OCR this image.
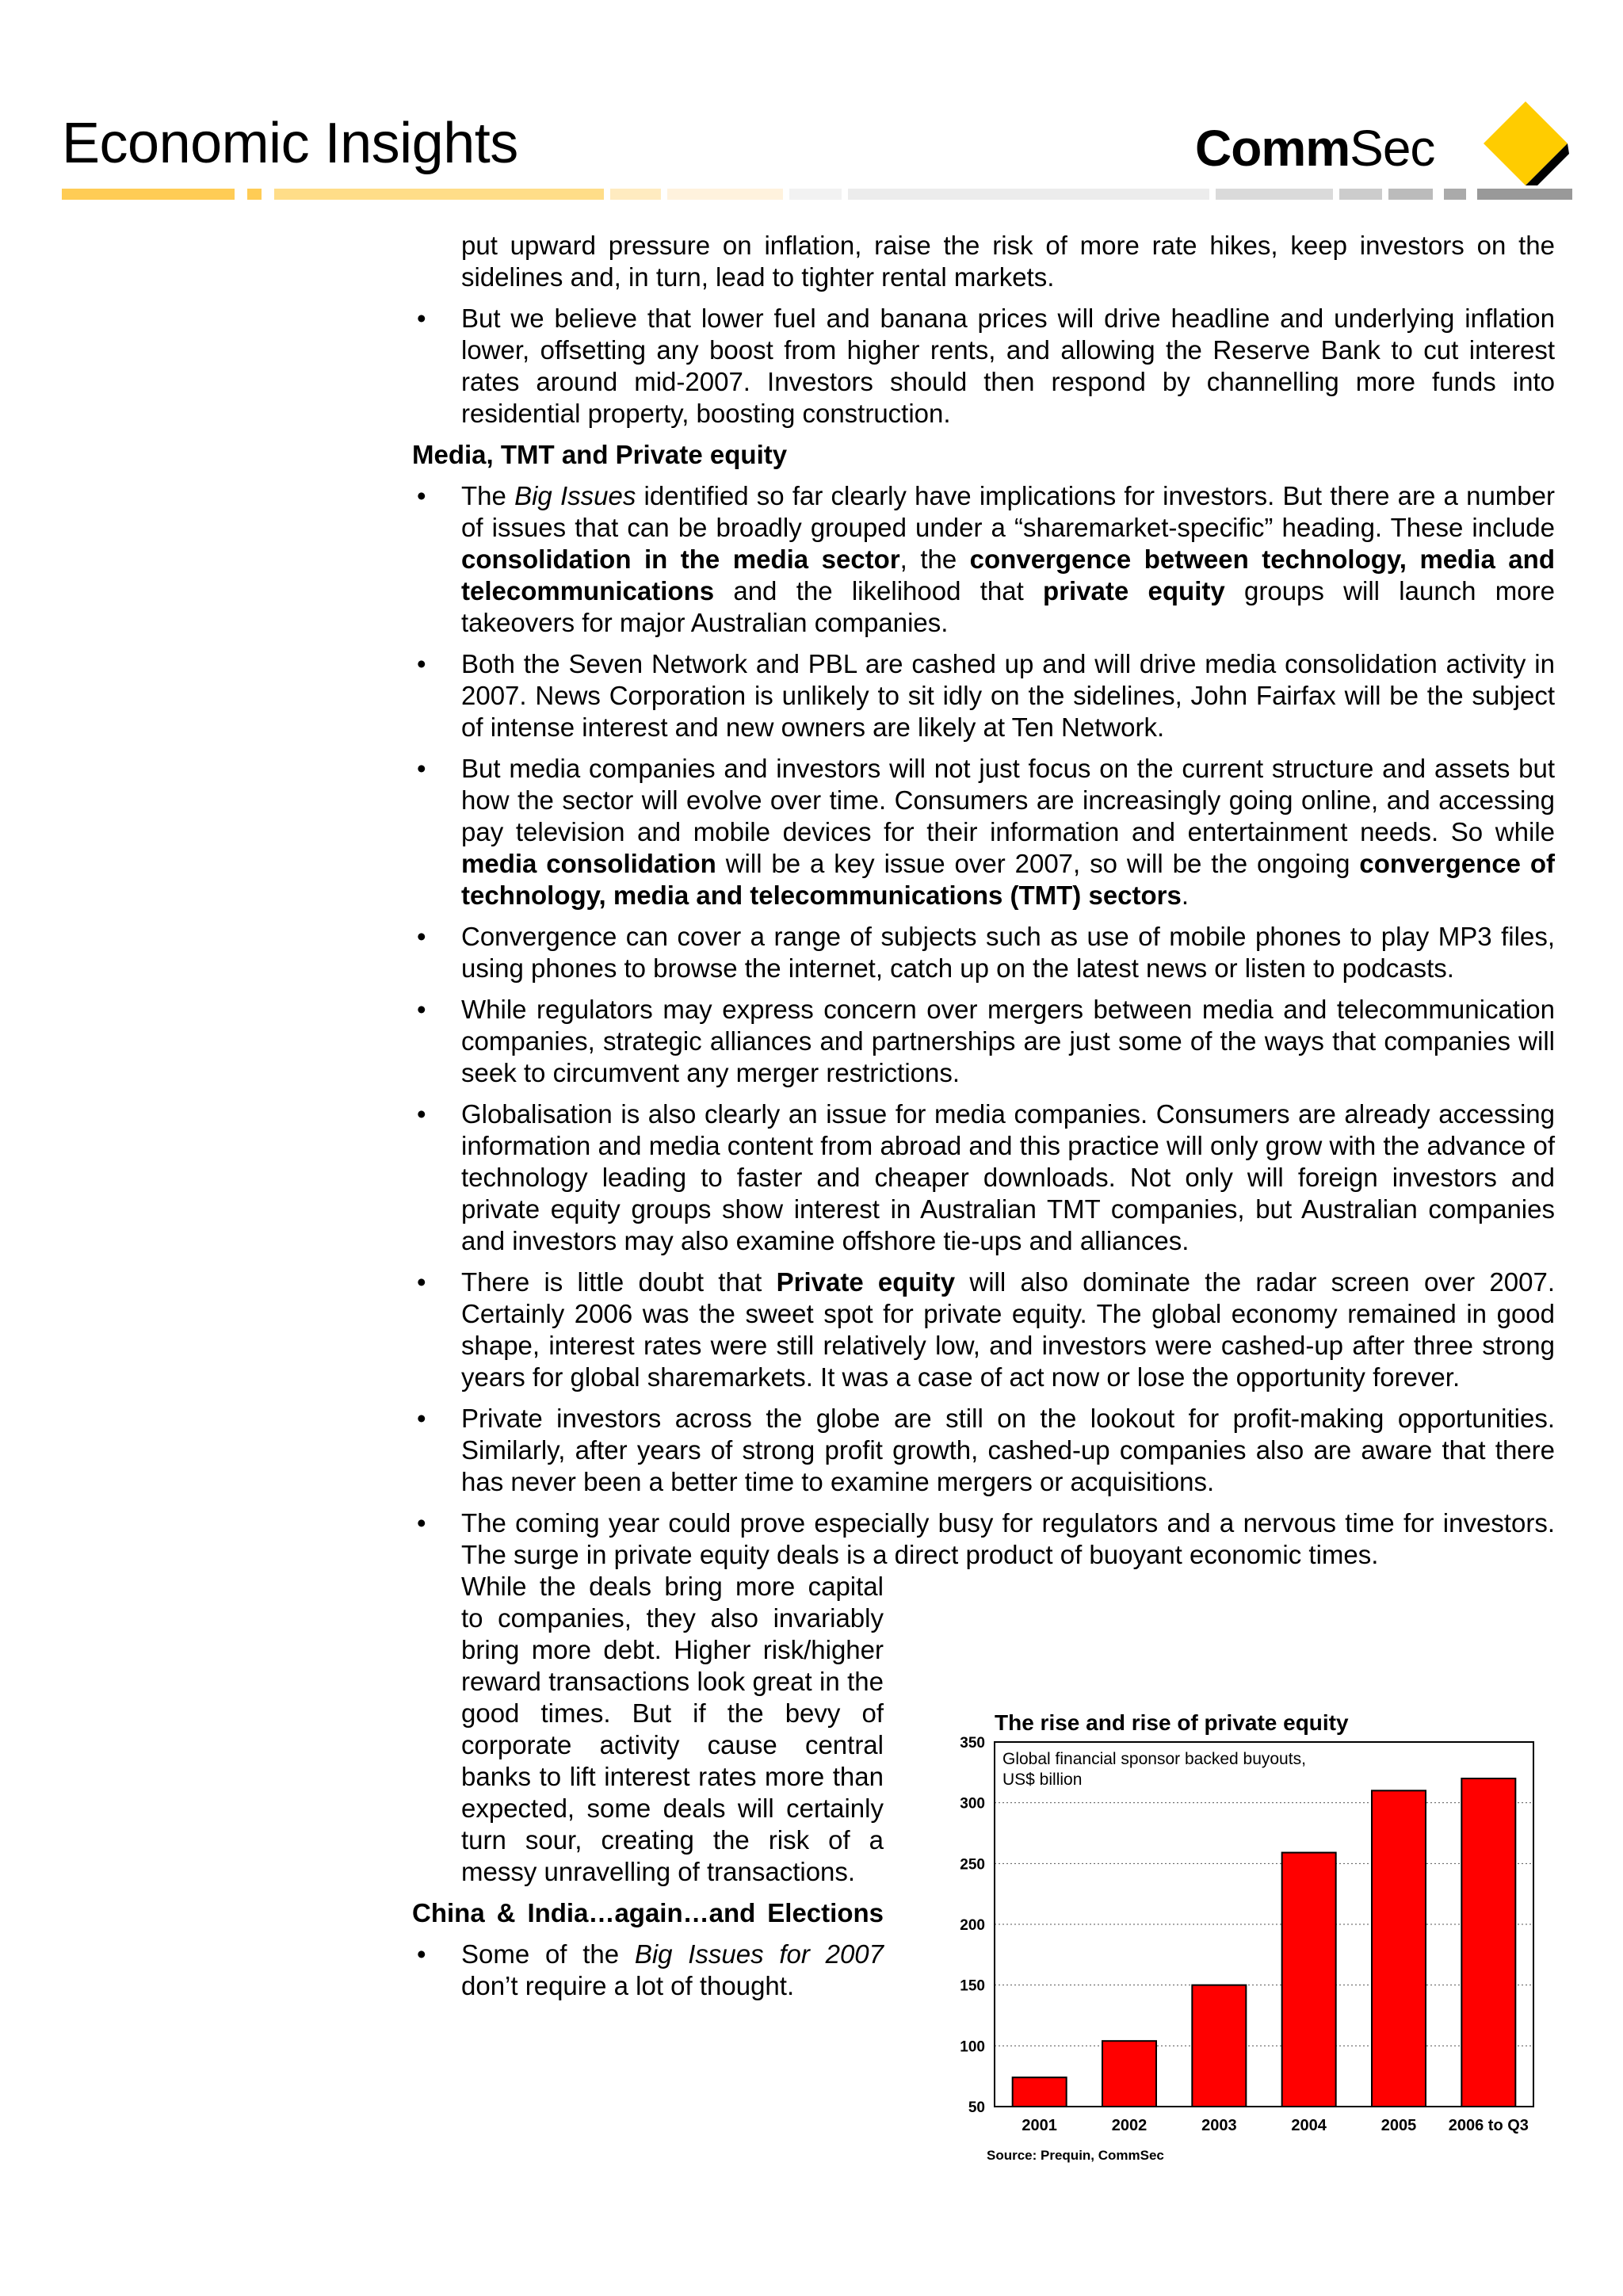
Economic Insights	CommSec

put upward pressure on inflation, raise the risk of more rate hikes, keep investors on the sidelines and, in turn, lead to tighter rental markets.

• But we believe that lower fuel and banana prices will drive headline and underlying inflation lower, offsetting any boost from higher rents, and allowing the Reserve Bank to cut interest rates around mid-2007. Investors should then respond by channelling more funds into residential property, boosting construction.
Media, TMT and Private equity
• The Big Issues identified so far clearly have implications for investors. But there are a number of issues that can be broadly grouped under a “sharemarket-specific” heading. These include consolidation in the media sector, the convergence between technology, media and telecommunications and the likelihood that private equity groups will launch more takeovers for major Australian companies.
• Both the Seven Network and PBL are cashed up and will drive media consolidation activity in 2007. News Corporation is unlikely to sit idly on the sidelines, John Fairfax will be the subject of intense interest and new owners are likely at Ten Network.
• But media companies and investors will not just focus on the current structure and assets but how the sector will evolve over time. Consumers are increasingly going online, and accessing pay television and mobile devices for their information and entertainment needs. So while media consolidation will be a key issue over 2007, so will be the ongoing convergence of technology, media and telecommunications (TMT) sectors.
• Convergence can cover a range of subjects such as use of mobile phones to play MP3 files, using phones to browse the internet, catch up on the latest news or listen to podcasts.
• While regulators may express concern over mergers between media and telecommunication companies, strategic alliances and partnerships are just some of the ways that companies will seek to circumvent any merger restrictions.
• Globalisation is also clearly an issue for media companies. Consumers are already accessing information and media content from abroad and this practice will only grow with the advance of technology leading to faster and cheaper downloads. Not only will foreign investors and private equity groups show interest in Australian TMT companies, but Australian companies and investors may also examine offshore tie-ups and alliances.
• There is little doubt that Private equity will also dominate the radar screen over 2007. Certainly 2006 was the sweet spot for private equity. The global economy remained in good shape, interest rates were still relatively low, and investors were cashed-up after three strong years for global sharemarkets. It was a case of act now or lose the opportunity forever.
• Private investors across the globe are still on the lookout for profit-making opportunities. Similarly, after years of strong profit growth, cashed-up companies also are aware that there has never been a better time to examine mergers or acquisitions.
• The coming year could prove especially busy for regulators and a nervous time for investors. The surge in private equity deals is a direct product of buoyant economic times.

While the deals bring more capital to companies, they also invariably bring more debt. Higher risk/higher reward transactions look great in the good times. But if the bevy of corporate activity cause central banks to lift interest rates more than expected, some deals will certainly turn sour, creating the risk of a messy unravelling of transactions.

China & India…again…and Elections
• Some of the Big Issues for 2007 don’t require a lot of thought.
The rise and rise of private equity
350
300
250
200
150
100
50
Global financial sponsor backed buyouts,
US$ billion
2001	2002	2003	2004	2005 2006 to Q3
Source: Prequin, CommSec
